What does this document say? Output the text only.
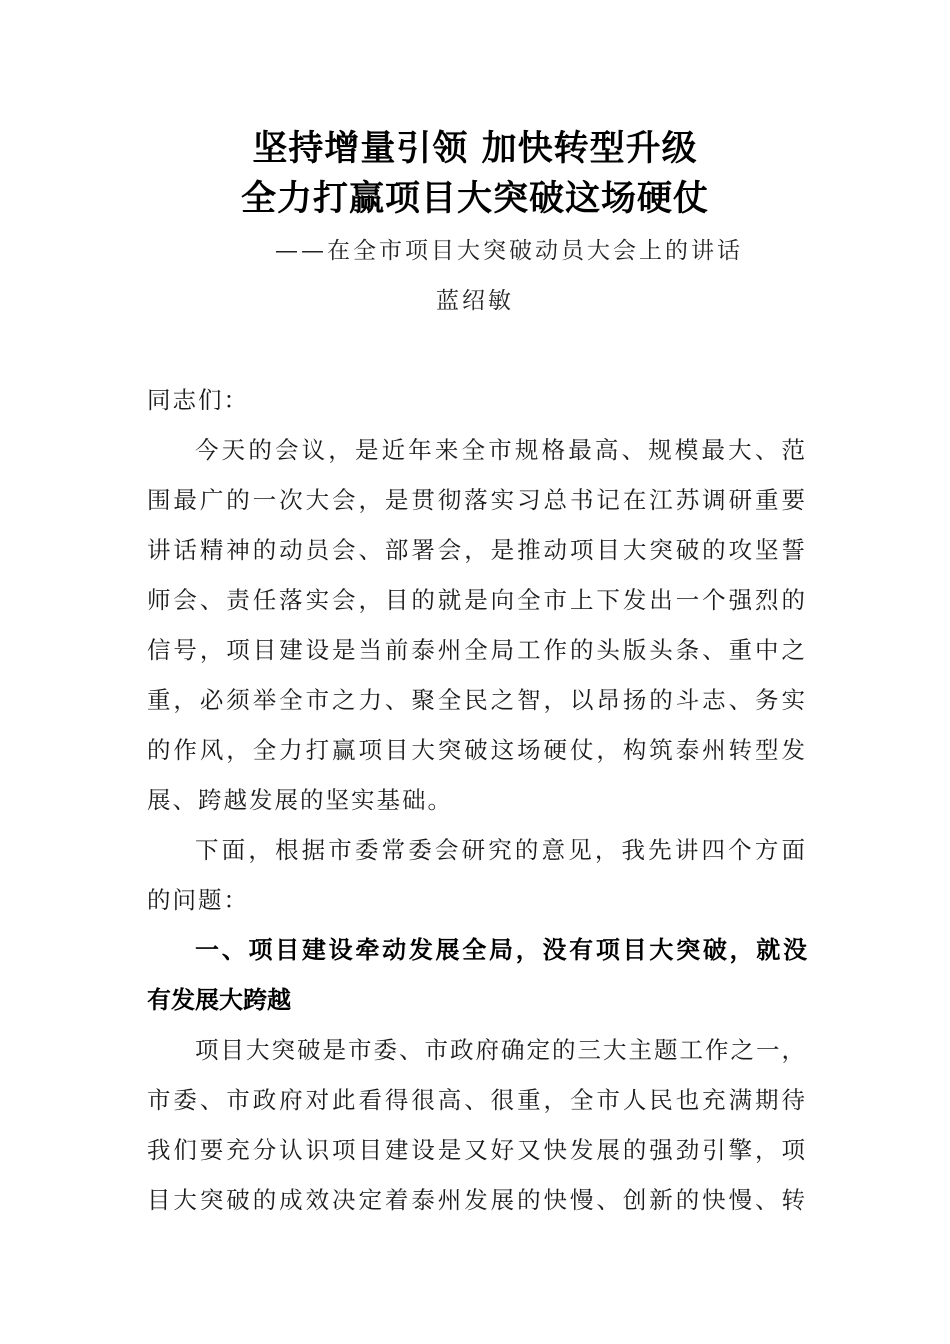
坚持增量引领 加快转型升级
全力打赢项目大突破这场硬仗
——在全市项目大突破动员大会上的讲话
蓝绍敏
同志们：
今天的会议，是近年来全市规格最高、规模最大、范
围最广的一次大会，是贯彻落实习总书记在江苏调研重要
讲话精神的动员会、部署会，是推动项目大突破的攻坚誓
师会、责任落实会，目的就是向全市上下发出一个强烈的
信号，项目建设是当前泰州全局工作的头版头条、重中之
重，必须举全市之力、聚全民之智，以昂扬的斗志、务实
的作风，全力打赢项目大突破这场硬仗，构筑泰州转型发
展、跨越发展的坚实基础。
下面，根据市委常委会研究的意见，我先讲四个方面
的问题：
一、项目建设牵动发展全局，没有项目大突破，就没
有发展大跨越
项目大突破是市委、市政府确定的三大主题工作之一，
市委、市政府对此看得很高、很重，全市人民也充满期待
我们要充分认识项目建设是又好又快发展的强劲引擎，项
目大突破的成效决定着泰州发展的快慢、创新的快慢、转
